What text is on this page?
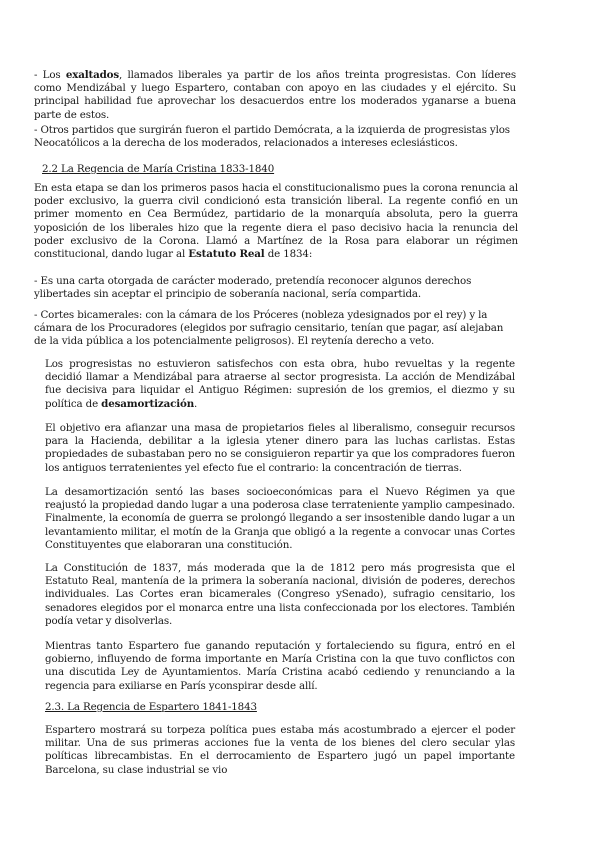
- Los exaltados, llamados liberales ya partir de los años treinta progresistas. Con líderes como Mendizábal y luego Espartero, contaban con apoyo en las ciudades y el ejército. Su principal habilidad fue aprovechar los desacuerdos entre los moderados yganarse a buena parte de estos.

- Otros partidos que surgirán fueron el partido Demócrata, a la izquierda de progresistas ylos Neocatólicos a la derecha de los moderados, relacionados a intereses eclesiásticos.

2.2 La Regencia de María Cristina 1833-1840

En esta etapa se dan los primeros pasos hacia el constitucionalismo pues la corona renuncia al poder exclusivo, la guerra civil condicionó esta transición liberal. La regente confió en un primer momento en Cea Bermúdez, partidario de la monarquía absoluta, pero la guerra yoposición de los liberales hizo que la regente diera el paso decisivo hacia la renuncia del poder exclusivo de la Corona. Llamó a Martínez de la Rosa para elaborar un régimen constitucional, dando lugar al Estatuto Real de 1834:

- Es una carta otorgada de carácter moderado, pretendía reconocer algunos derechos ylibertades sin aceptar el principio de soberanía nacional, sería compartida.

- Cortes bicamerales: con la cámara de los Próceres (nobleza ydesignados por el rey) y la cámara de los Procuradores (elegidos por sufragio censitario, tenían que pagar, así alejaban de la vida pública a los potencialmente peligrosos). El reytenía derecho a veto.

Los progresistas no estuvieron satisfechos con esta obra, hubo revueltas y la regente decidió llamar a Mendizábal para atraerse al sector progresista. La acción de Mendizábal fue decisiva para liquidar el Antiguo Régimen: supresión de los gremios, el diezmo y su política de desamortización.

El objetivo era afianzar una masa de propietarios fieles al liberalismo, conseguir recursos para la Hacienda, debilitar a la iglesia ytener dinero para las luchas carlistas. Estas propiedades de subastaban pero no se consiguieron repartir ya que los compradores fueron los antiguos terratenientes yel efecto fue el contrario: la concentración de tierras.

La desamortización sentó las bases socioeconómicas para el Nuevo Régimen ya que reajustó la propiedad dando lugar a una poderosa clase terrateniente yamplio campesinado. Finalmente, la economía de guerra se prolongó llegando a ser insostenible dando lugar a un levantamiento militar, el motín de la Granja que obligó a la regente a convocar unas Cortes Constituyentes que elaboraran una constitución.

La Constitución de 1837, más moderada que la de 1812 pero más progresista que el Estatuto Real, mantenía de la primera la soberanía nacional, división de poderes, derechos individuales. Las Cortes eran bicamerales (Congreso ySenado), sufragio censitario, los senadores elegidos por el monarca entre una lista confeccionada por los electores. También podía vetar y disolverlas.

Mientras tanto Espartero fue ganando reputación y fortaleciendo su figura, entró en el gobierno, influyendo de forma importante en María Cristina con la que tuvo conflictos con una discutida Ley de Ayuntamientos. María Cristina acabó cediendo y renunciando a la regencia para exiliarse en París yconspirar desde allí.

2.3. La Regencia de Espartero 1841-1843

Espartero mostrará su torpeza política pues estaba más acostumbrado a ejercer el poder militar. Una de sus primeras acciones fue la venta de los bienes del clero secular ylas políticas librecambistas. En el derrocamiento de Espartero jugó un papel importante Barcelona, su clase industrial se vio
